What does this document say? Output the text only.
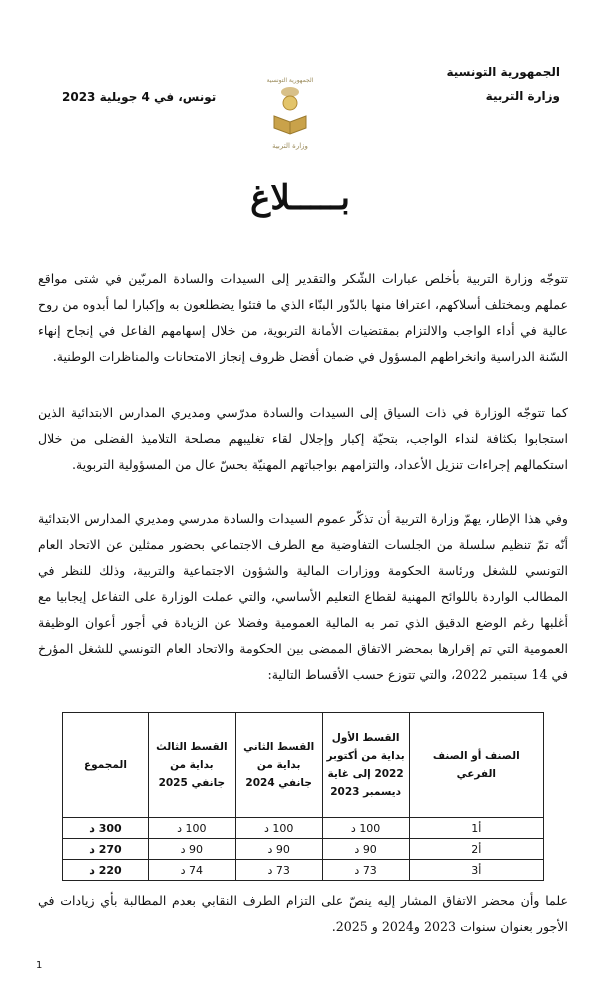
الجمهورية التونسية
وزارة التربية
تونس، في 4 جويلية 2023
الجمهورية التونسية
وزارة التربية
بـــــلاغ
تتوجّه وزارة التربية بأخلص عبارات الشّكر والتقدير إلى السيدات والسادة المربّين في شتى مواقع عملهم وبمختلف أسلاكهم، اعترافا منها بالدّور البنّاء الذي ما فتئوا يضطلعون به وإكبارا لما أبدوه من روح عالية في أداء الواجب والالتزام بمقتضيات الأمانة التربوية، من خلال إسهامهم الفاعل في إنجاح إنهاء السّنة الدراسية وانخراطهم المسؤول في ضمان أفضل ظروف إنجاز الامتحانات والمناظرات الوطنية.
كما تتوجّه الوزارة في ذات السياق إلى السيدات والسادة مدرّسي ومديري المدارس الابتدائية الذين استجابوا بكثافة لنداء الواجب، بتحيّة إكبار وإجلال لقاء تغليبهم مصلحة التلاميذ الفضلى من خلال استكمالهم إجراءات تنزيل الأعداد، والتزامهم بواجباتهم المهنيّة بحسّ عال من المسؤولية التربوية.
وفي هذا الإطار، يهمّ وزارة التربية أن تذكّر عموم السيدات والسادة مدرسي ومديري المدارس الابتدائية أنّه تمّ تنظيم سلسلة من الجلسات التفاوضية مع الطرف الاجتماعي بحضور ممثلين عن الاتحاد العام التونسي للشغل ورئاسة الحكومة ووزارات المالية والشؤون الاجتماعية والتربية، وذلك للنظر في المطالب الواردة باللوائح المهنية لقطاع التعليم الأساسي، والتي عملت الوزارة على التفاعل إيجابيا مع أغلبها رغم الوضع الدقيق الذي تمر به المالية العمومية وفضلا عن الزيادة في أجور أعوان الوظيفة العمومية التي تم إقرارها بمحضر الاتفاق الممضى بين الحكومة والاتحاد العام التونسي للشغل المؤرخ في 14 سبتمبر 2022، والتي تتوزع حسب الأقساط التالية:
الصنف أو الصنف الفرعي	القسط الأول بداية من أكتوبر 2022 إلى غاية ديسمبر 2023	القسط الثاني بداية من جانفي 2024	القسط الثالث بداية من جانفي 2025	المجموع
أ1	100 د	100 د	100 د	300 د
أ2	90 د	90 د	90 د	270 د
أ3	73 د	73 د	74 د	220 د
علما وأن محضر الاتفاق المشار إليه ينصّ على التزام الطرف النقابي بعدم المطالبة بأي زيادات في الأجور بعنوان سنوات 2023 و2024 و 2025.
1
